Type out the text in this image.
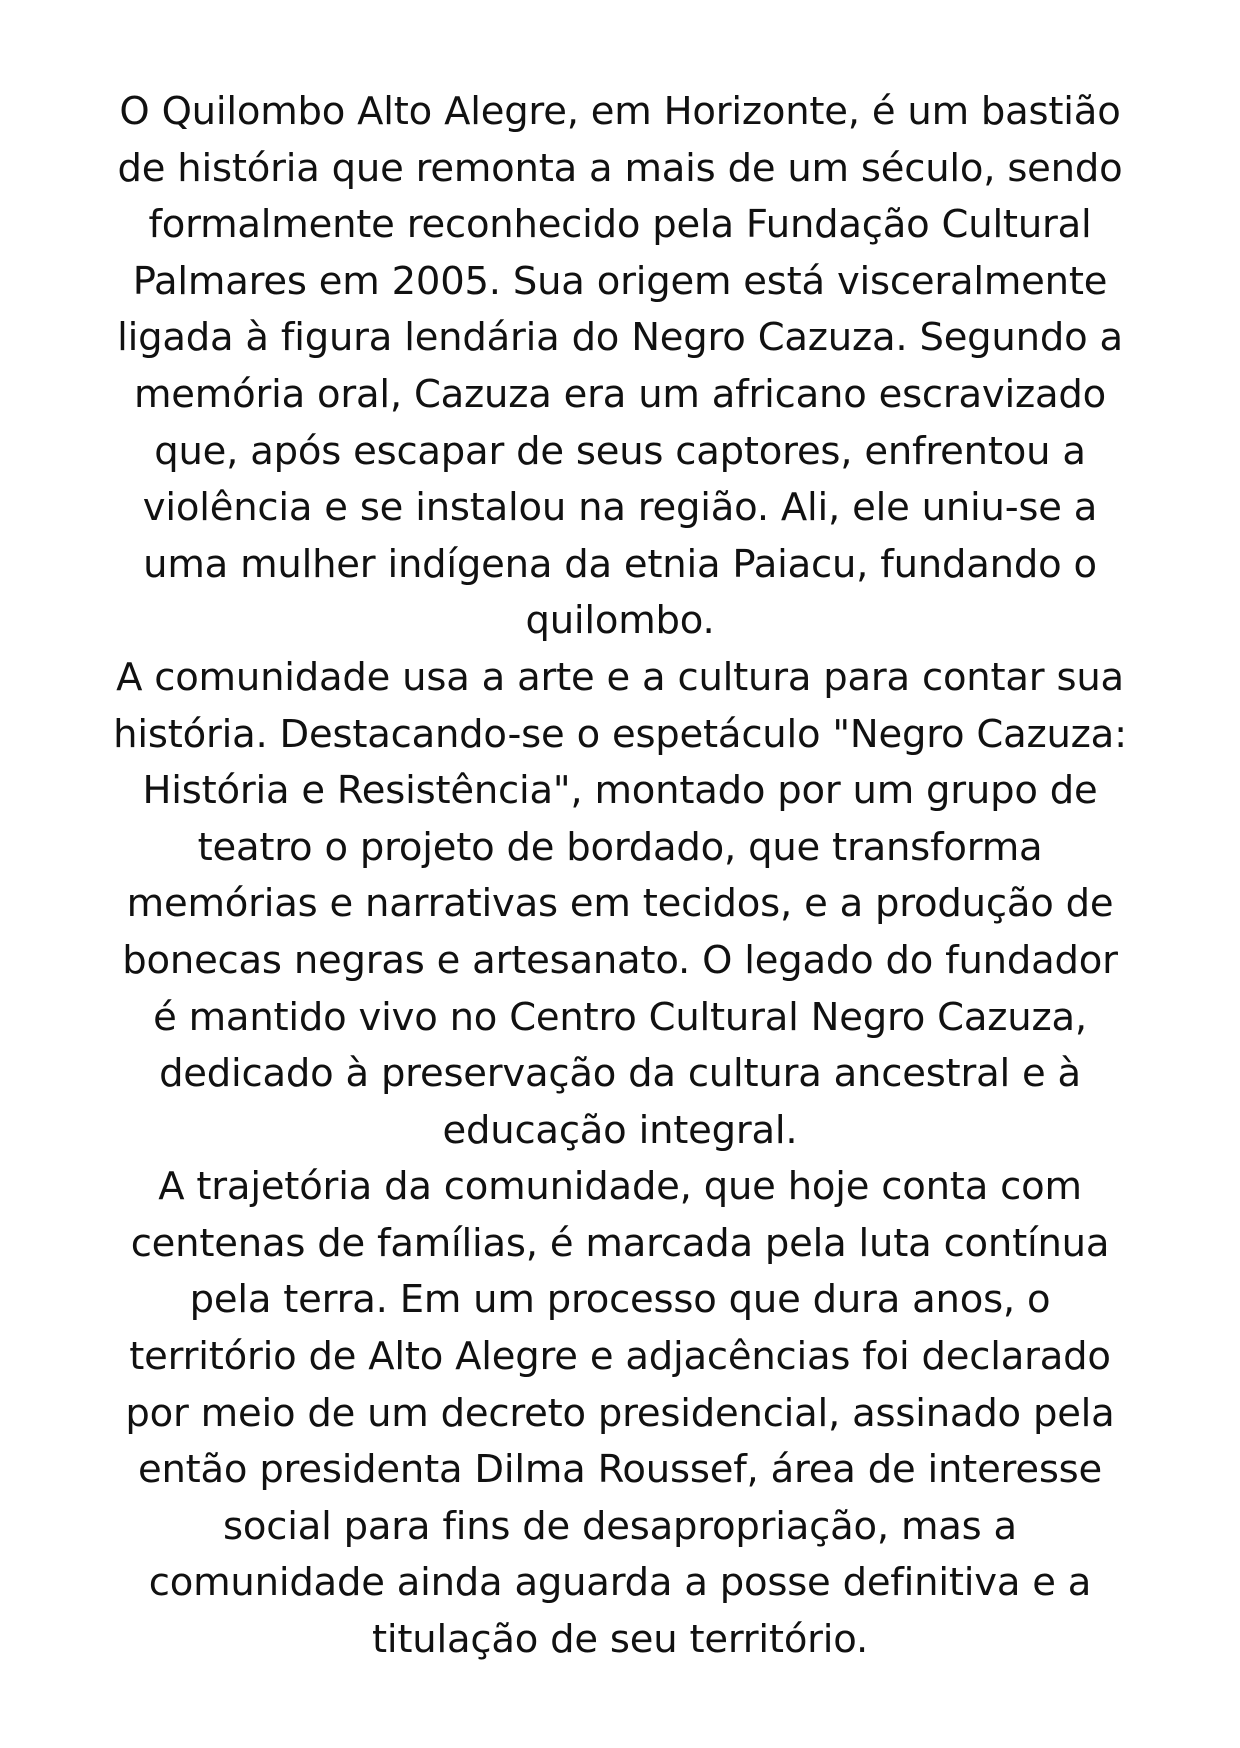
O Quilombo Alto Alegre, em Horizonte, é um bastião de história que remonta a mais de um século, sendo formalmente reconhecido pela Fundação Cultural Palmares em 2005. Sua origem está visceralmente ligada à figura lendária do Negro Cazuza. Segundo a memória oral, Cazuza era um africano escravizado que, após escapar de seus captores, enfrentou a violência e se instalou na região. Ali, ele uniu-se a uma mulher indígena da etnia Paiacu, fundando o quilombo.

A comunidade usa a arte e a cultura para contar sua história. Destacando-se o espetáculo "Negro Cazuza: História e Resistência", montado por um grupo de teatro o projeto de bordado, que transforma memórias e narrativas em tecidos, e a produção de bonecas negras e artesanato. O legado do fundador é mantido vivo no Centro Cultural Negro Cazuza, dedicado à preservação da cultura ancestral e à educação integral.

A trajetória da comunidade, que hoje conta com centenas de famílias, é marcada pela luta contínua pela terra. Em um processo que dura anos, o território de Alto Alegre e adjacências foi declarado por meio de um decreto presidencial, assinado pela então presidenta Dilma Roussef, área de interesse social para fins de desapropriação, mas a comunidade ainda aguarda a posse definitiva e a titulação de seu território.
